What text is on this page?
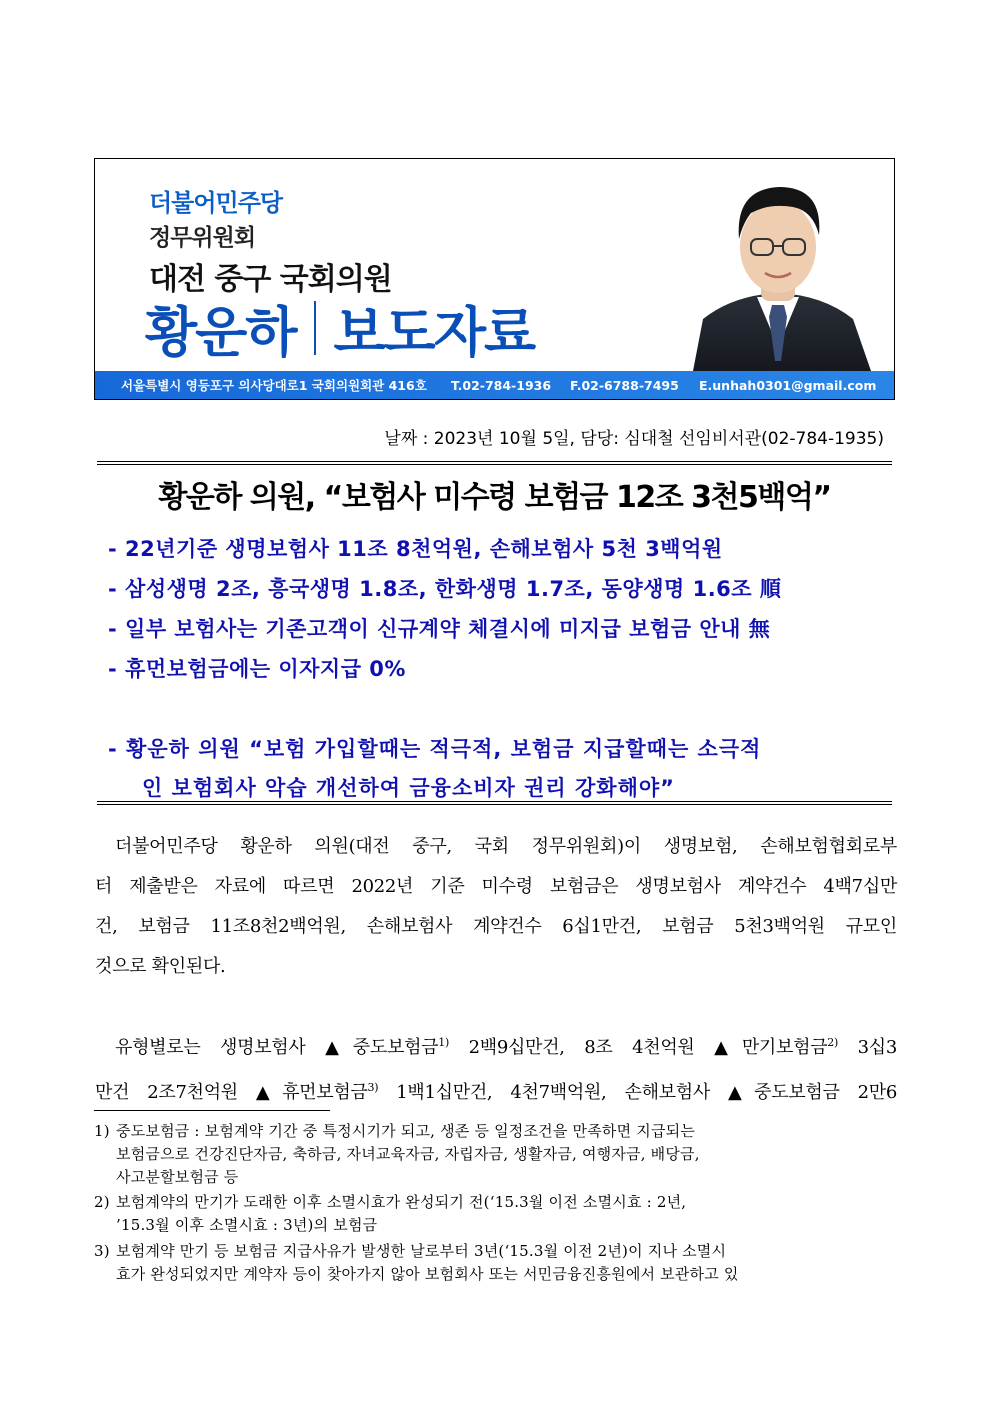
더불어민주당
정무위원회
대전 중구 국회의원
황운하 보도자료
서울특별시 영등포구 의사당대로1 국회의원회관 416호 T.02-784-1936 F.02-6788-7495 E.unhah0301@gmail.com
날짜 : 2023년 10월 5일, 담당: 심대철 선임비서관(02-784-1935)
황운하 의원, “보험사 미수령 보험금 12조 3천5백억”
- 22년기준 생명보험사 11조 8천억원, 손해보험사 5천 3백억원
- 삼성생명 2조, 흥국생명 1.8조, 한화생명 1.7조, 동양생명 1.6조 順
- 일부 보험사는 기존고객이 신규계약 체결시에 미지급 보험금 안내 無
- 휴먼보험금에는 이자지급 0%
- 황운하 의원 “보험 가입할때는 적극적, 보험금 지급할때는 소극적
인 보험회사 악습 개선하여 금융소비자 권리 강화해야”
더불어민주당 황운하 의원(대전 중구, 국회 정무위원회)이 생명보험, 손해보험협회로부
터 제출받은 자료에 따르면 2022년 기준 미수령 보험금은 생명보험사 계약건수 4백7십만
건, 보험금 11조8천2백억원, 손해보험사 계약건수 6십1만건, 보험금 5천3백억원 규모인
것으로 확인된다.
유형별로는 생명보험사 ▲중도보험금$^{1)}$ 2백9십만건, 8조 4천억원 ▲만기보험금$^{2)}$ 3십3
만건 2조7천억원 ▲휴먼보험금$^{3)}$ 1백1십만건, 4천7백억원, 손해보험사 ▲중도보험금 2만6
1) 중도보험금 : 보험계약 기간 중 특정시기가 되고, 생존 등 일정조건을 만족하면 지급되는
보험금으로 건강진단자금, 축하금, 자녀교육자금, 자립자금, 생활자금, 여행자금, 배당금,
사고분할보험금 등
2) 보험계약의 만기가 도래한 이후 소멸시효가 완성되기 전(‘15.3월 이전 소멸시효 : 2년,
’15.3월 이후 소멸시효 : 3년)의 보험금
3) 보험계약 만기 등 보험금 지급사유가 발생한 날로부터 3년(‘15.3월 이전 2년)이 지나 소멸시
효가 완성되었지만 계약자 등이 찾아가지 않아 보험회사 또는 서민금융진흥원에서 보관하고 있
